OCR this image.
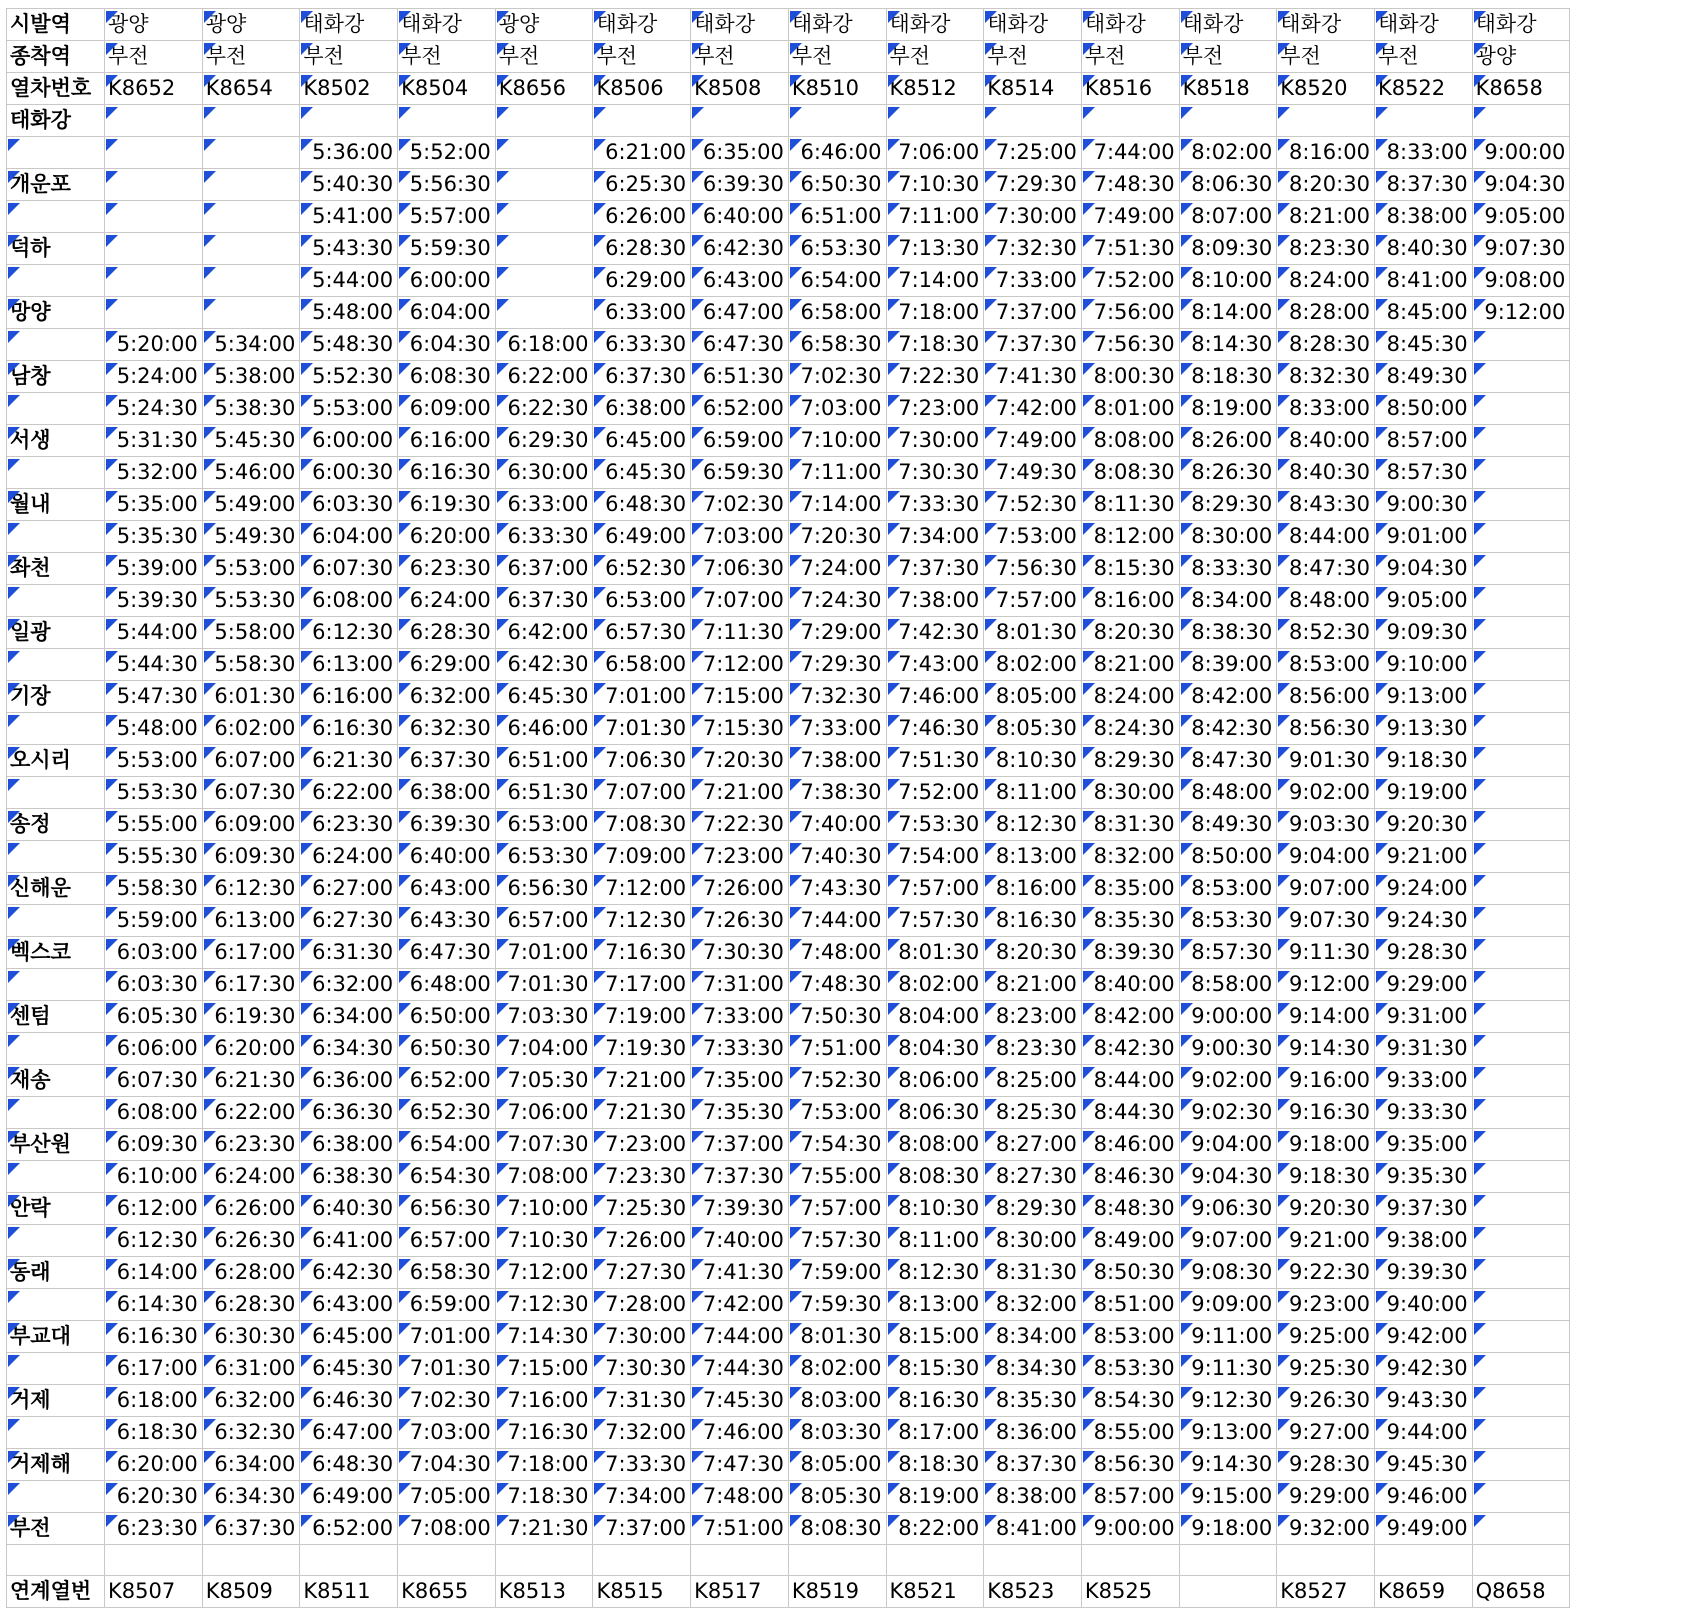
시발역	광양	광양	태화강	태화강	광양	태화강	태화강	태화강	태화강	태화강	태화강	태화강	태화강	태화강	태화강
종착역	부전	부전	부전	부전	부전	부전	부전	부전	부전	부전	부전	부전	부전	부전	광양
열차번호	K8652	K8654	K8502	K8504	K8656	K8506	K8508	K8510	K8512	K8514	K8516	K8518	K8520	K8522	K8658
태화강															
			5:36:00	5:52:00		6:21:00	6:35:00	6:46:00	7:06:00	7:25:00	7:44:00	8:02:00	8:16:00	8:33:00	9:00:00
개운포			5:40:30	5:56:30		6:25:30	6:39:30	6:50:30	7:10:30	7:29:30	7:48:30	8:06:30	8:20:30	8:37:30	9:04:30
			5:41:00	5:57:00		6:26:00	6:40:00	6:51:00	7:11:00	7:30:00	7:49:00	8:07:00	8:21:00	8:38:00	9:05:00
덕하			5:43:30	5:59:30		6:28:30	6:42:30	6:53:30	7:13:30	7:32:30	7:51:30	8:09:30	8:23:30	8:40:30	9:07:30
			5:44:00	6:00:00		6:29:00	6:43:00	6:54:00	7:14:00	7:33:00	7:52:00	8:10:00	8:24:00	8:41:00	9:08:00
망양			5:48:00	6:04:00		6:33:00	6:47:00	6:58:00	7:18:00	7:37:00	7:56:00	8:14:00	8:28:00	8:45:00	9:12:00
	5:20:00	5:34:00	5:48:30	6:04:30	6:18:00	6:33:30	6:47:30	6:58:30	7:18:30	7:37:30	7:56:30	8:14:30	8:28:30	8:45:30	
남창	5:24:00	5:38:00	5:52:30	6:08:30	6:22:00	6:37:30	6:51:30	7:02:30	7:22:30	7:41:30	8:00:30	8:18:30	8:32:30	8:49:30	
	5:24:30	5:38:30	5:53:00	6:09:00	6:22:30	6:38:00	6:52:00	7:03:00	7:23:00	7:42:00	8:01:00	8:19:00	8:33:00	8:50:00	
서생	5:31:30	5:45:30	6:00:00	6:16:00	6:29:30	6:45:00	6:59:00	7:10:00	7:30:00	7:49:00	8:08:00	8:26:00	8:40:00	8:57:00	
	5:32:00	5:46:00	6:00:30	6:16:30	6:30:00	6:45:30	6:59:30	7:11:00	7:30:30	7:49:30	8:08:30	8:26:30	8:40:30	8:57:30	
월내	5:35:00	5:49:00	6:03:30	6:19:30	6:33:00	6:48:30	7:02:30	7:14:00	7:33:30	7:52:30	8:11:30	8:29:30	8:43:30	9:00:30	
	5:35:30	5:49:30	6:04:00	6:20:00	6:33:30	6:49:00	7:03:00	7:20:30	7:34:00	7:53:00	8:12:00	8:30:00	8:44:00	9:01:00	
좌천	5:39:00	5:53:00	6:07:30	6:23:30	6:37:00	6:52:30	7:06:30	7:24:00	7:37:30	7:56:30	8:15:30	8:33:30	8:47:30	9:04:30	
	5:39:30	5:53:30	6:08:00	6:24:00	6:37:30	6:53:00	7:07:00	7:24:30	7:38:00	7:57:00	8:16:00	8:34:00	8:48:00	9:05:00	
일광	5:44:00	5:58:00	6:12:30	6:28:30	6:42:00	6:57:30	7:11:30	7:29:00	7:42:30	8:01:30	8:20:30	8:38:30	8:52:30	9:09:30	
	5:44:30	5:58:30	6:13:00	6:29:00	6:42:30	6:58:00	7:12:00	7:29:30	7:43:00	8:02:00	8:21:00	8:39:00	8:53:00	9:10:00	
기장	5:47:30	6:01:30	6:16:00	6:32:00	6:45:30	7:01:00	7:15:00	7:32:30	7:46:00	8:05:00	8:24:00	8:42:00	8:56:00	9:13:00	
	5:48:00	6:02:00	6:16:30	6:32:30	6:46:00	7:01:30	7:15:30	7:33:00	7:46:30	8:05:30	8:24:30	8:42:30	8:56:30	9:13:30	
오시리	5:53:00	6:07:00	6:21:30	6:37:30	6:51:00	7:06:30	7:20:30	7:38:00	7:51:30	8:10:30	8:29:30	8:47:30	9:01:30	9:18:30	
	5:53:30	6:07:30	6:22:00	6:38:00	6:51:30	7:07:00	7:21:00	7:38:30	7:52:00	8:11:00	8:30:00	8:48:00	9:02:00	9:19:00	
송정	5:55:00	6:09:00	6:23:30	6:39:30	6:53:00	7:08:30	7:22:30	7:40:00	7:53:30	8:12:30	8:31:30	8:49:30	9:03:30	9:20:30	
	5:55:30	6:09:30	6:24:00	6:40:00	6:53:30	7:09:00	7:23:00	7:40:30	7:54:00	8:13:00	8:32:00	8:50:00	9:04:00	9:21:00	
신해운	5:58:30	6:12:30	6:27:00	6:43:00	6:56:30	7:12:00	7:26:00	7:43:30	7:57:00	8:16:00	8:35:00	8:53:00	9:07:00	9:24:00	
	5:59:00	6:13:00	6:27:30	6:43:30	6:57:00	7:12:30	7:26:30	7:44:00	7:57:30	8:16:30	8:35:30	8:53:30	9:07:30	9:24:30	
벡스코	6:03:00	6:17:00	6:31:30	6:47:30	7:01:00	7:16:30	7:30:30	7:48:00	8:01:30	8:20:30	8:39:30	8:57:30	9:11:30	9:28:30	
	6:03:30	6:17:30	6:32:00	6:48:00	7:01:30	7:17:00	7:31:00	7:48:30	8:02:00	8:21:00	8:40:00	8:58:00	9:12:00	9:29:00	
센텀	6:05:30	6:19:30	6:34:00	6:50:00	7:03:30	7:19:00	7:33:00	7:50:30	8:04:00	8:23:00	8:42:00	9:00:00	9:14:00	9:31:00	
	6:06:00	6:20:00	6:34:30	6:50:30	7:04:00	7:19:30	7:33:30	7:51:00	8:04:30	8:23:30	8:42:30	9:00:30	9:14:30	9:31:30	
재송	6:07:30	6:21:30	6:36:00	6:52:00	7:05:30	7:21:00	7:35:00	7:52:30	8:06:00	8:25:00	8:44:00	9:02:00	9:16:00	9:33:00	
	6:08:00	6:22:00	6:36:30	6:52:30	7:06:00	7:21:30	7:35:30	7:53:00	8:06:30	8:25:30	8:44:30	9:02:30	9:16:30	9:33:30	
부산원	6:09:30	6:23:30	6:38:00	6:54:00	7:07:30	7:23:00	7:37:00	7:54:30	8:08:00	8:27:00	8:46:00	9:04:00	9:18:00	9:35:00	
	6:10:00	6:24:00	6:38:30	6:54:30	7:08:00	7:23:30	7:37:30	7:55:00	8:08:30	8:27:30	8:46:30	9:04:30	9:18:30	9:35:30	
안락	6:12:00	6:26:00	6:40:30	6:56:30	7:10:00	7:25:30	7:39:30	7:57:00	8:10:30	8:29:30	8:48:30	9:06:30	9:20:30	9:37:30	
	6:12:30	6:26:30	6:41:00	6:57:00	7:10:30	7:26:00	7:40:00	7:57:30	8:11:00	8:30:00	8:49:00	9:07:00	9:21:00	9:38:00	
동래	6:14:00	6:28:00	6:42:30	6:58:30	7:12:00	7:27:30	7:41:30	7:59:00	8:12:30	8:31:30	8:50:30	9:08:30	9:22:30	9:39:30	
	6:14:30	6:28:30	6:43:00	6:59:00	7:12:30	7:28:00	7:42:00	7:59:30	8:13:00	8:32:00	8:51:00	9:09:00	9:23:00	9:40:00	
부교대	6:16:30	6:30:30	6:45:00	7:01:00	7:14:30	7:30:00	7:44:00	8:01:30	8:15:00	8:34:00	8:53:00	9:11:00	9:25:00	9:42:00	
	6:17:00	6:31:00	6:45:30	7:01:30	7:15:00	7:30:30	7:44:30	8:02:00	8:15:30	8:34:30	8:53:30	9:11:30	9:25:30	9:42:30	
거제	6:18:00	6:32:00	6:46:30	7:02:30	7:16:00	7:31:30	7:45:30	8:03:00	8:16:30	8:35:30	8:54:30	9:12:30	9:26:30	9:43:30	
	6:18:30	6:32:30	6:47:00	7:03:00	7:16:30	7:32:00	7:46:00	8:03:30	8:17:00	8:36:00	8:55:00	9:13:00	9:27:00	9:44:00	
거제해	6:20:00	6:34:00	6:48:30	7:04:30	7:18:00	7:33:30	7:47:30	8:05:00	8:18:30	8:37:30	8:56:30	9:14:30	9:28:30	9:45:30	
	6:20:30	6:34:30	6:49:00	7:05:00	7:18:30	7:34:00	7:48:00	8:05:30	8:19:00	8:38:00	8:57:00	9:15:00	9:29:00	9:46:00	
부전	6:23:30	6:37:30	6:52:00	7:08:00	7:21:30	7:37:00	7:51:00	8:08:30	8:22:00	8:41:00	9:00:00	9:18:00	9:32:00	9:49:00	

연계열번	K8507	K8509	K8511	K8655	K8513	K8515	K8517	K8519	K8521	K8523	K8525		K8527	K8659	Q8658
